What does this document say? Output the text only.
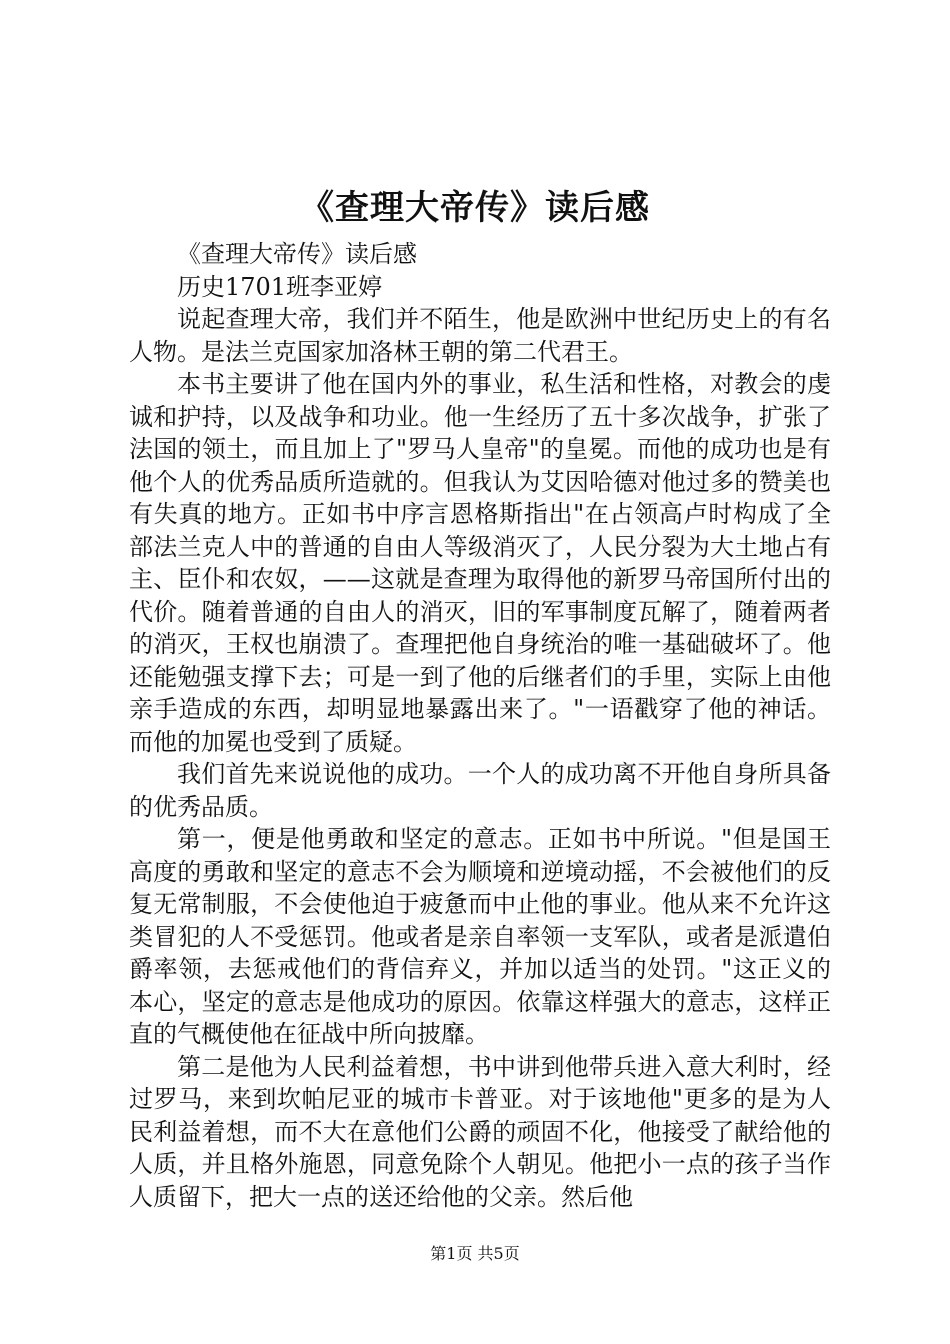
《查理大帝传》读后感

《查理大帝传》读后感

历史1701班李亚婷

说起查理大帝，我们并不陌生，他是欧洲中世纪历史上的有名人物。是法兰克国家加洛林王朝的第二代君王。

本书主要讲了他在国内外的事业，私生活和性格，对教会的虔诚和护持，以及战争和功业。他一生经历了五十多次战争，扩张了法国的领土，而且加上了"罗马人皇帝"的皇冕。而他的成功也是有他个人的优秀品质所造就的。但我认为艾因哈德对他过多的赞美也有失真的地方。正如书中序言恩格斯指出"在占领高卢时构成了全部法兰克人中的普通的自由人等级消灭了，人民分裂为大土地占有主、臣仆和农奴，——这就是查理为取得他的新罗马帝国所付出的代价。随着普通的自由人的消灭，旧的军事制度瓦解了，随着两者的消灭，王权也崩溃了。查理把他自身统治的唯一基础破坏了。他还能勉强支撑下去；可是一到了他的后继者们的手里，实际上由他亲手造成的东西，却明显地暴露出来了。"一语戳穿了他的神话。而他的加冕也受到了质疑。

我们首先来说说他的成功。一个人的成功离不开他自身所具备的优秀品质。

第一，便是他勇敢和坚定的意志。正如书中所说。"但是国王高度的勇敢和坚定的意志不会为顺境和逆境动摇，不会被他们的反复无常制服，不会使他迫于疲惫而中止他的事业。他从来不允许这类冒犯的人不受惩罚。他或者是亲自率领一支军队，或者是派遣伯爵率领，去惩戒他们的背信弃义，并加以适当的处罚。"这正义的本心，坚定的意志是他成功的原因。依靠这样强大的意志，这样正直的气概使他在征战中所向披靡。

第二是他为人民利益着想，书中讲到他带兵进入意大利时，经过罗马，来到坎帕尼亚的城市卡普亚。对于该地他"更多的是为人民利益着想，而不大在意他们公爵的顽固不化，他接受了献给他的人质，并且格外施恩，同意免除个人朝见。他把小一点的孩子当作人质留下，把大一点的送还给他的父亲。然后他

第1页 共5页
